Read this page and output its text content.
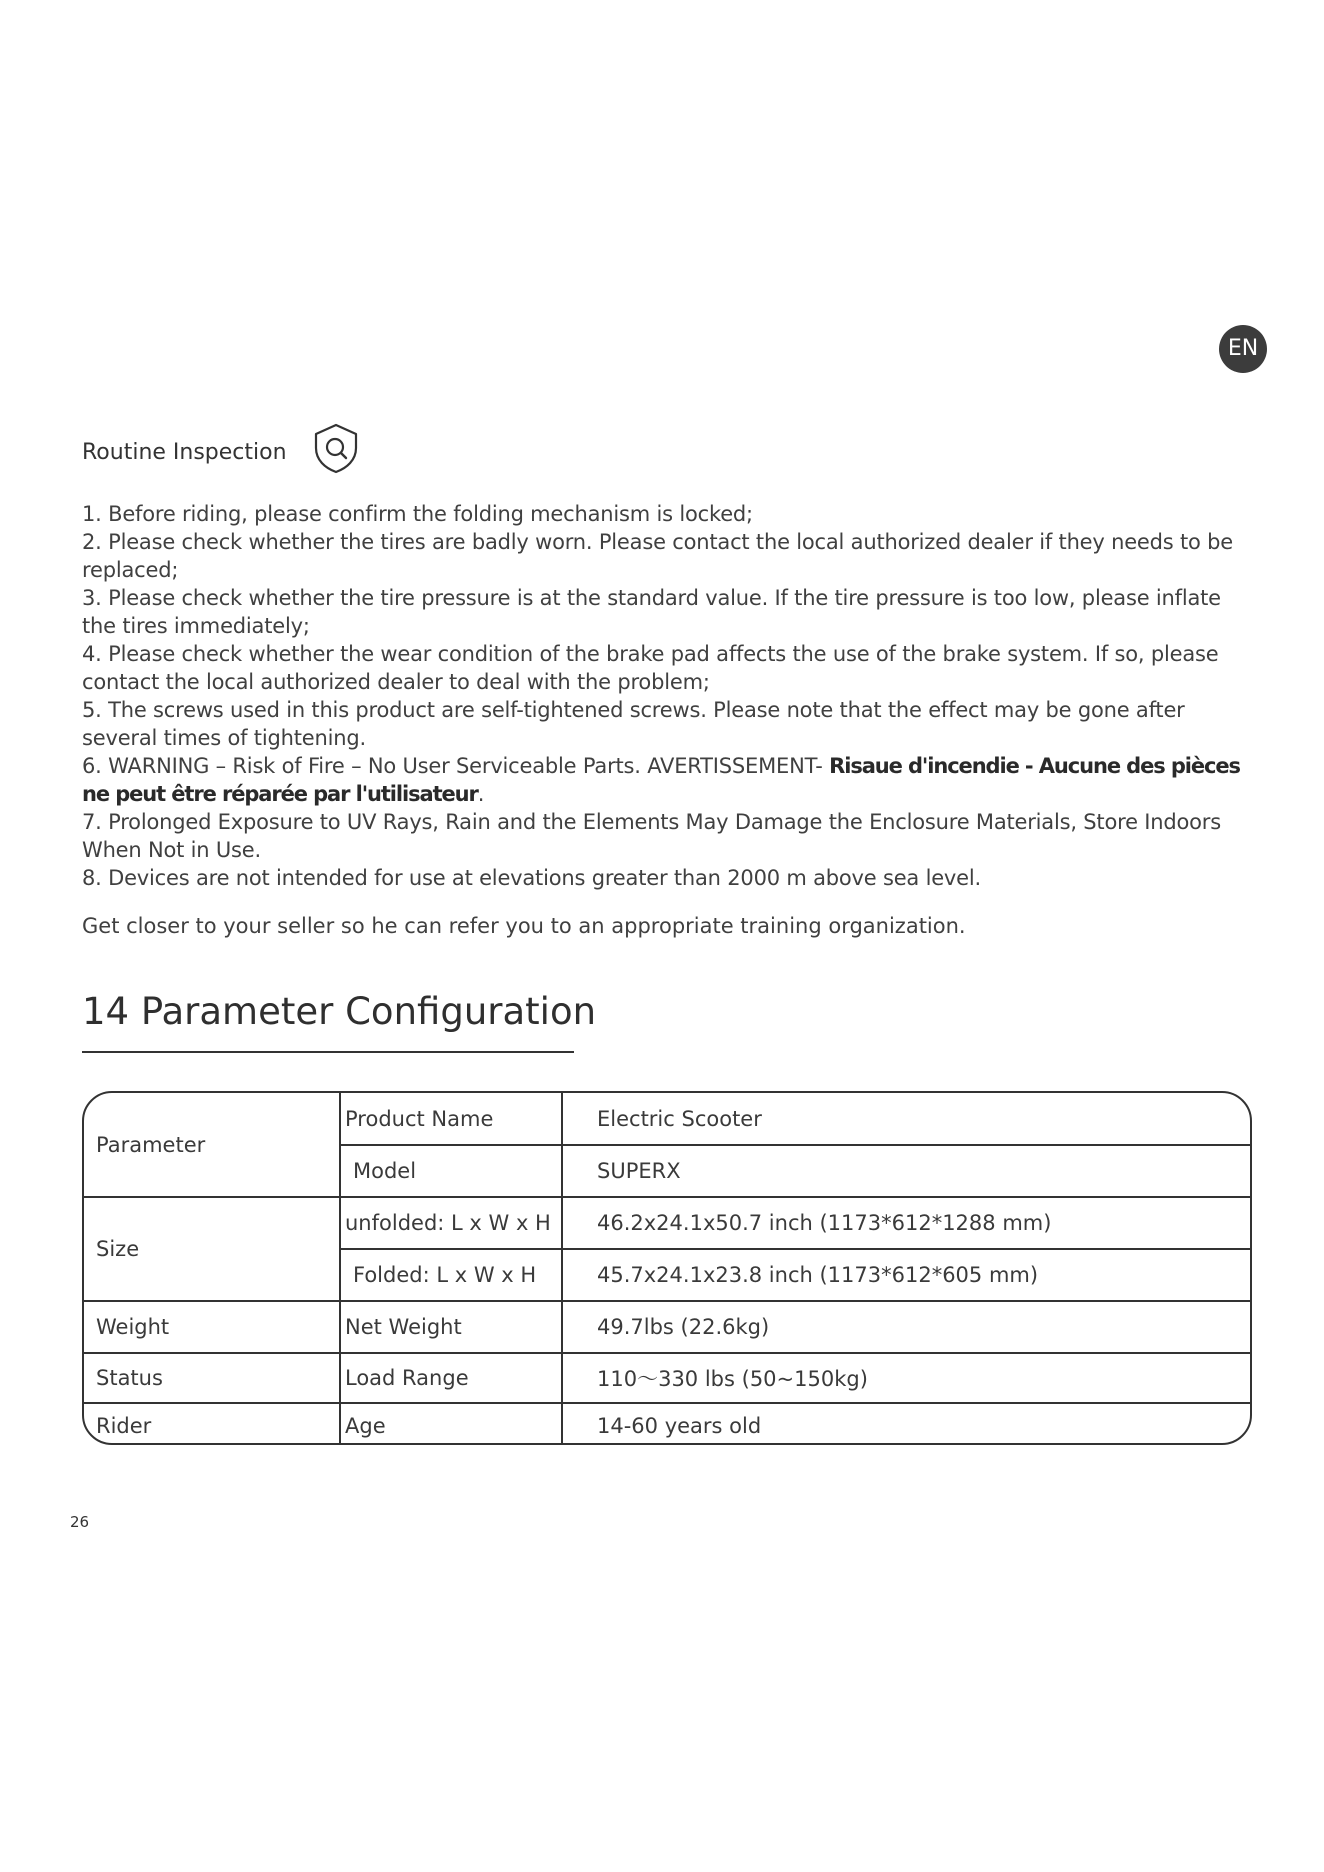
EN
Routine Inspection
1. Before riding, please confirm the folding mechanism is locked;
2. Please check whether the tires are badly worn. Please contact the local authorized dealer if they needs to be replaced;
3. Please check whether the tire pressure is at the standard value. If the tire pressure is too low, please inflate the tires immediately;
4. Please check whether the wear condition of the brake pad affects the use of the brake system. If so, please contact the local authorized dealer to deal with the problem;
5. The screws used in this product are self-tightened screws. Please note that the effect may be gone after several times of tightening.
6. WARNING – Risk of Fire – No User Serviceable Parts. AVERTISSEMENT- Risaue d'incendie - Aucune des pièces ne peut être réparée par l'utilisateur.
7. Prolonged Exposure to UV Rays, Rain and the Elements May Damage the Enclosure Materials, Store Indoors When Not in Use.
8. Devices are not intended for use at elevations greater than 2000 m above sea level.

Get closer to your seller so he can refer you to an appropriate training organization.

14 Parameter Configuration
Parameter	Product Name	Electric Scooter
	Model	SUPERX
Size	unfolded: L x W x H	46.2x24.1x50.7 inch (1173*612*1288 mm)
	Folded: L x W x H	45.7x24.1x23.8 inch (1173*612*605 mm)
Weight	Net Weight	49.7lbs (22.6kg)
Status	Load Range	110～330 lbs (50~150kg)
Rider	Age	14-60 years old
26
